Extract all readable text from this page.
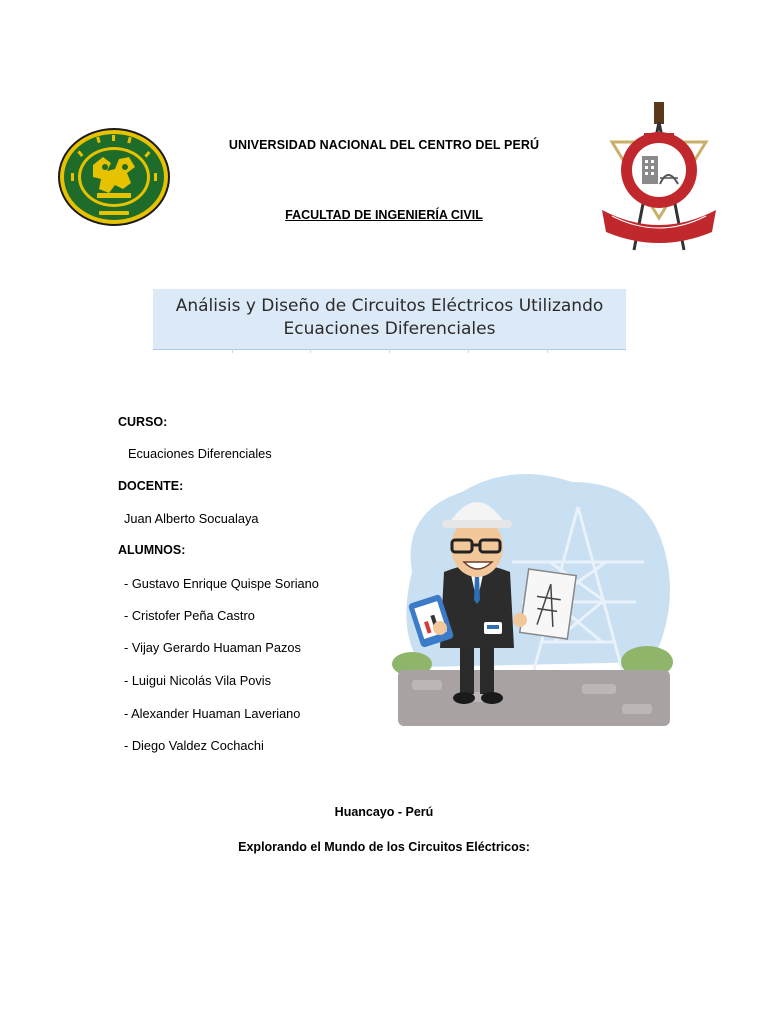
UNIVERSIDAD NACIONAL DEL CENTRO DEL PERÚ
FACULTAD DE INGENIERÍA CIVIL
Análisis y Diseño de Circuitos Eléctricos Utilizando
Ecuaciones Diferenciales
CURSO:
Ecuaciones Diferenciales
DOCENTE:
Juan Alberto Socualaya
ALUMNOS:
- Gustavo Enrique Quispe Soriano
- Cristofer Peña Castro
- Vijay Gerardo Huaman Pazos
- Luigui Nicolás Vila Povis
- Alexander Huaman Laveriano
- Diego Valdez Cochachi
Huancayo - Perú
Explorando el Mundo de los Circuitos Eléctricos:
